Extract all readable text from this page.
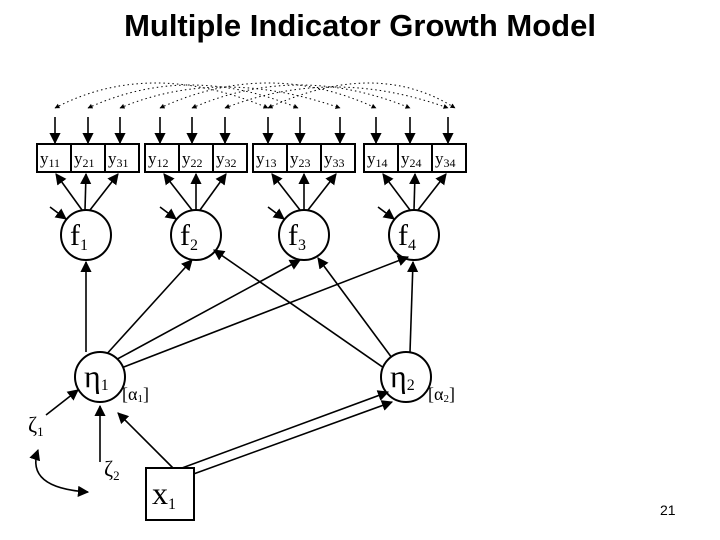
Multiple Indicator Growth Model
y11 y21 y31 y12 y22 y32 y13 y23 y33 y14 y24 y34
f1	f2	f3	f4
η1	η2
[α1]	[α2]
ζ1
ζ2 x1	21
